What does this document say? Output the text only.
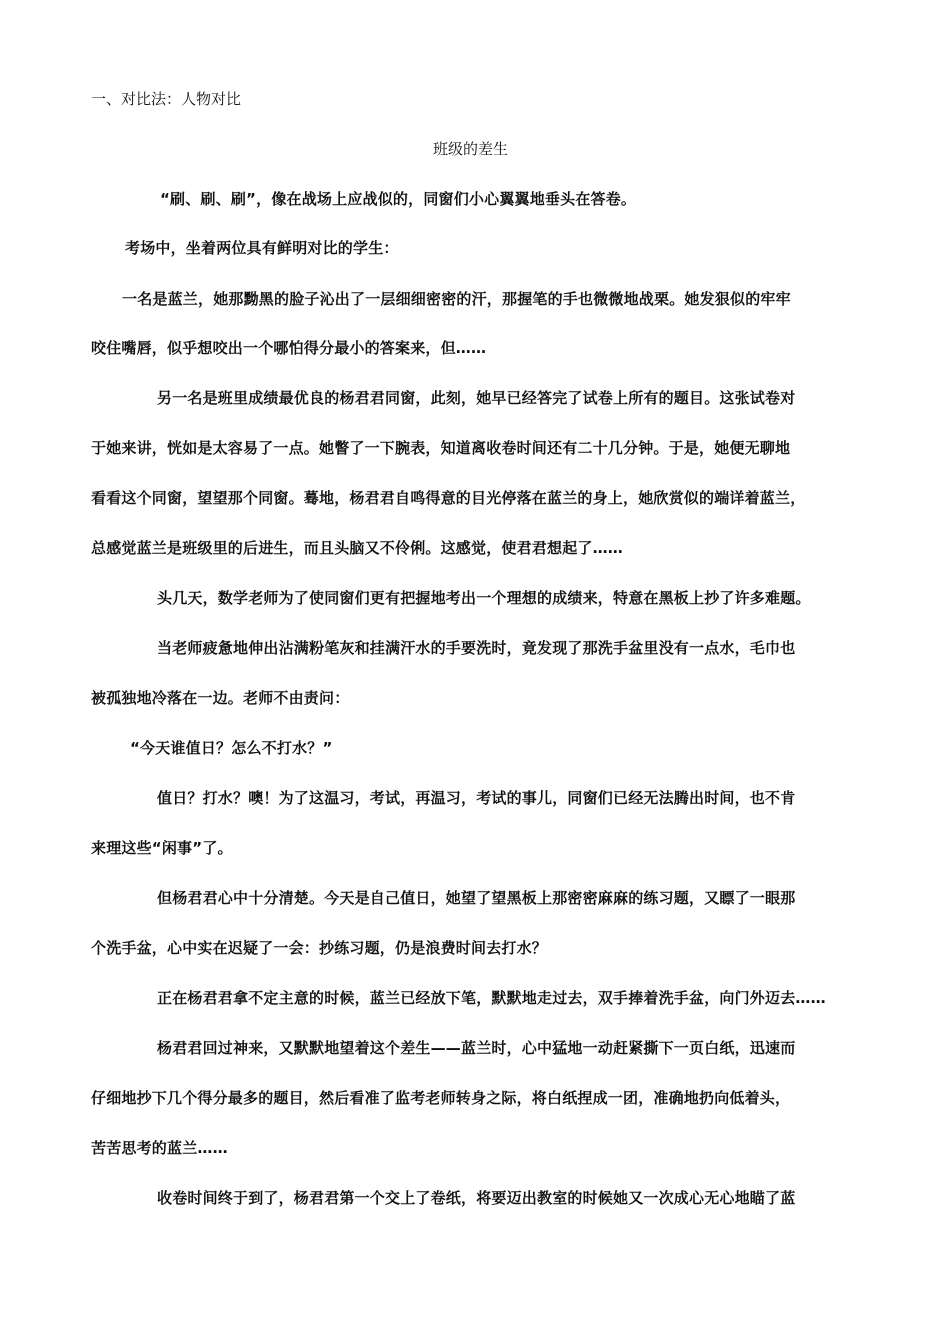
一、对比法：人物对比
班级的差生
“刷、刷、刷”，像在战场上应战似的，同窗们小心翼翼地垂头在答卷。
考场中，坐着两位具有鲜明对比的学生：
一名是蓝兰，她那黝黑的脸子沁出了一层细细密密的汗，那握笔的手也微微地战栗。她发狠似的牢牢
咬住嘴唇，似乎想咬出一个哪怕得分最小的答案来，但……
另一名是班里成绩最优良的杨君君同窗，此刻，她早已经答完了试卷上所有的题目。这张试卷对
于她来讲，恍如是太容易了一点。她瞥了一下腕表，知道离收卷时间还有二十几分钟。于是，她便无聊地
看看这个同窗，望望那个同窗。蓦地，杨君君自鸣得意的目光停落在蓝兰的身上，她欣赏似的端详着蓝兰，
总感觉蓝兰是班级里的后进生，而且头脑又不伶俐。这感觉，使君君想起了……
头几天，数学老师为了使同窗们更有把握地考出一个理想的成绩来，特意在黑板上抄了许多难题。
当老师疲惫地伸出沾满粉笔灰和挂满汗水的手要洗时，竟发现了那洗手盆里没有一点水，毛巾也
被孤独地冷落在一边。老师不由责问：
“今天谁值日？怎么不打水？”
值日？打水？噢！为了这温习，考试，再温习，考试的事儿，同窗们已经无法腾出时间，也不肯
来理这些“闲事”了。
但杨君君心中十分清楚。今天是自己值日，她望了望黑板上那密密麻麻的练习题，又瞟了一眼那
个洗手盆，心中实在迟疑了一会：抄练习题，仍是浪费时间去打水？
正在杨君君拿不定主意的时候，蓝兰已经放下笔，默默地走过去，双手捧着洗手盆，向门外迈去……
杨君君回过神来，又默默地望着这个差生——蓝兰时，心中猛地一动赶紧撕下一页白纸，迅速而
仔细地抄下几个得分最多的题目，然后看准了监考老师转身之际，将白纸捏成一团，准确地扔向低着头，
苦苦思考的蓝兰……
收卷时间终于到了，杨君君第一个交上了卷纸，将要迈出教室的时候她又一次成心无心地瞄了蓝
